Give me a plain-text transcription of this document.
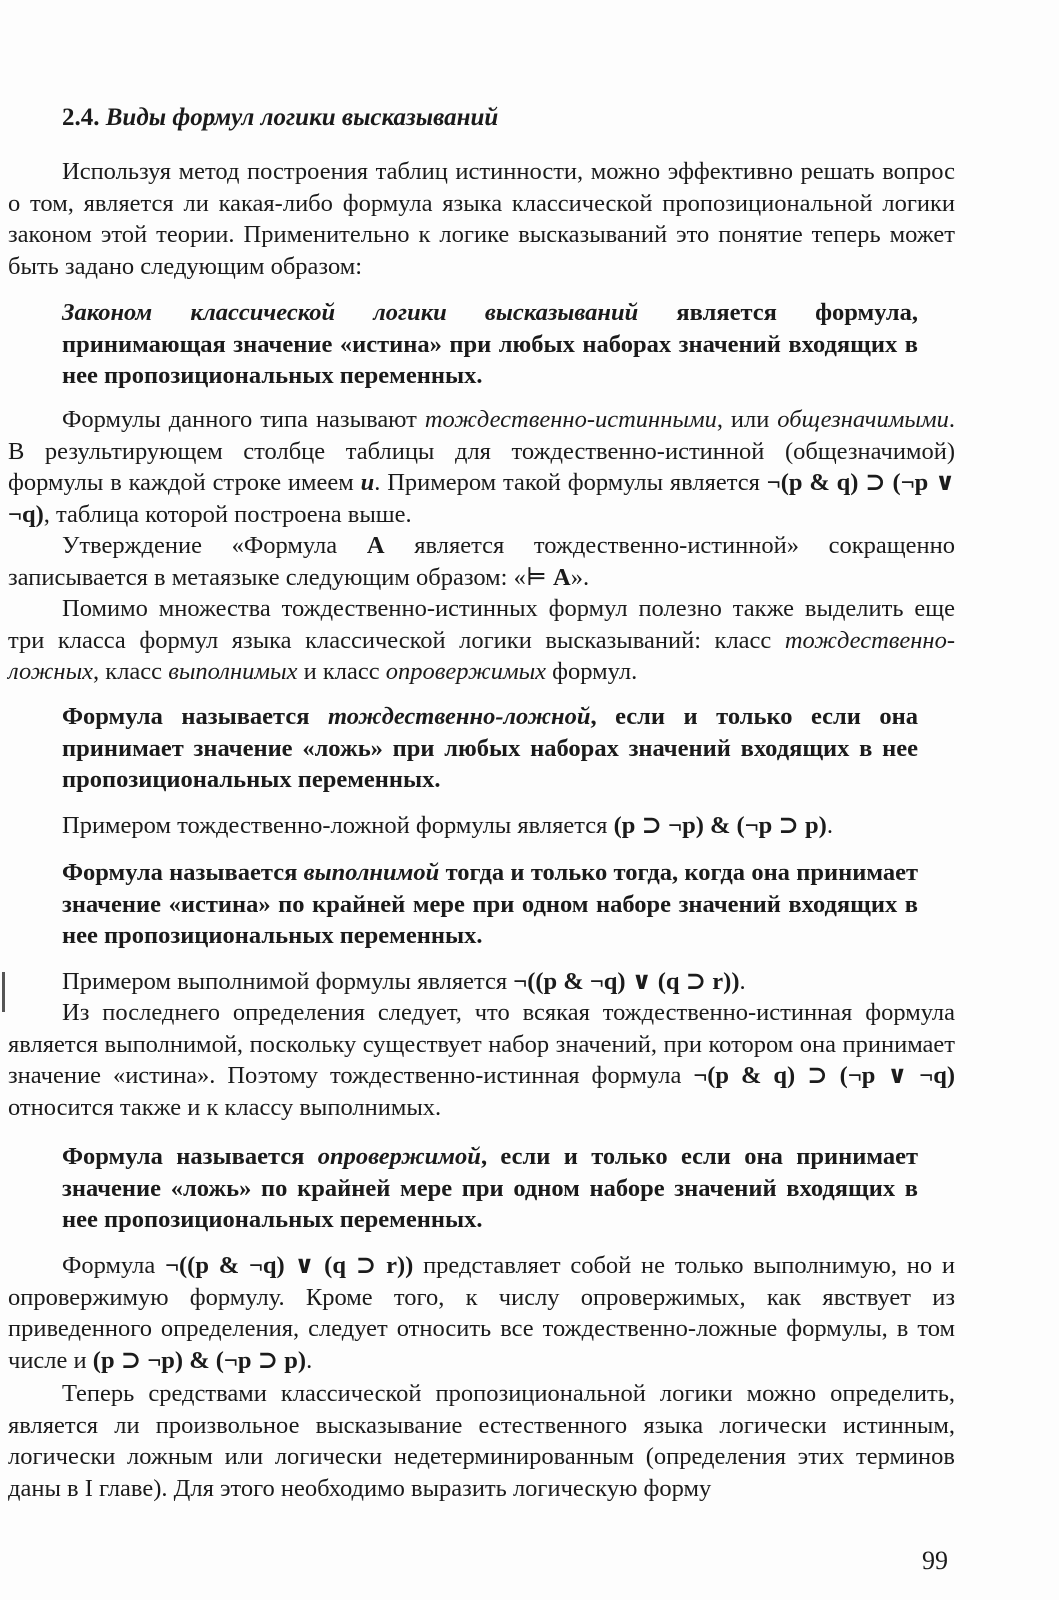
2.4. Виды формул логики высказываний
Используя метод построения таблиц истинности, можно эффективно решать вопрос о том, является ли какая-либо формула языка классической пропозициональной логики законом этой теории. Применительно к логике высказываний это понятие теперь может быть задано следующим образом:
Законом классической логики высказываний является формула, принимающая значение «истина» при любых наборах значений входящих в нее пропозициональных переменных.
Формулы данного типа называют тождественно-истинными, или общезначимыми. В результирующем столбце таблицы для тождественно-истинной (общезначимой) формулы в каждой строке имеем и. Примером такой формулы является ¬(p & q) ⊃ (¬p ∨ ¬q), таблица которой построена выше.
Утверждение «Формула A является тождественно-истинной» сокращенно записывается в метаязыке следующим образом: «⊨ A».
Помимо множества тождественно-истинных формул полезно также выделить еще три класса формул языка классической логики высказываний: класс тождественно-ложных, класс выполнимых и класс опровержимых формул.
Формула называется тождественно-ложной, если и только если она принимает значение «ложь» при любых наборах значений входящих в нее пропозициональных переменных.
Примером тождественно-ложной формулы является (p ⊃ ¬p) & (¬p ⊃ p).
Формула называется выполнимой тогда и только тогда, когда она принимает значение «истина» по крайней мере при одном наборе значений входящих в нее пропозициональных переменных.
Примером выполнимой формулы является ¬((p & ¬q) ∨ (q ⊃ r)).
Из последнего определения следует, что всякая тождественно-истинная формула является выполнимой, поскольку существует набор значений, при котором она принимает значение «истина». Поэтому тождественно-истинная формула ¬(p & q) ⊃ (¬p ∨ ¬q) относится также и к классу выполнимых.
Формула называется опровержимой, если и только если она принимает значение «ложь» по крайней мере при одном наборе значений входящих в нее пропозициональных переменных.
Формула ¬((p & ¬q) ∨ (q ⊃ r)) представляет собой не только выполнимую, но и опровержимую формулу. Кроме того, к числу опровержимых, как явствует из приведенного определения, следует относить все тождественно-ложные формулы, в том числе и (p ⊃ ¬p) & (¬p ⊃ p).
Теперь средствами классической пропозициональной логики можно определить, является ли произвольное высказывание естественного языка логически истинным, логически ложным или логически недетерминированным (определения этих терминов даны в I главе). Для этого необходимо выразить логическую форму
99
